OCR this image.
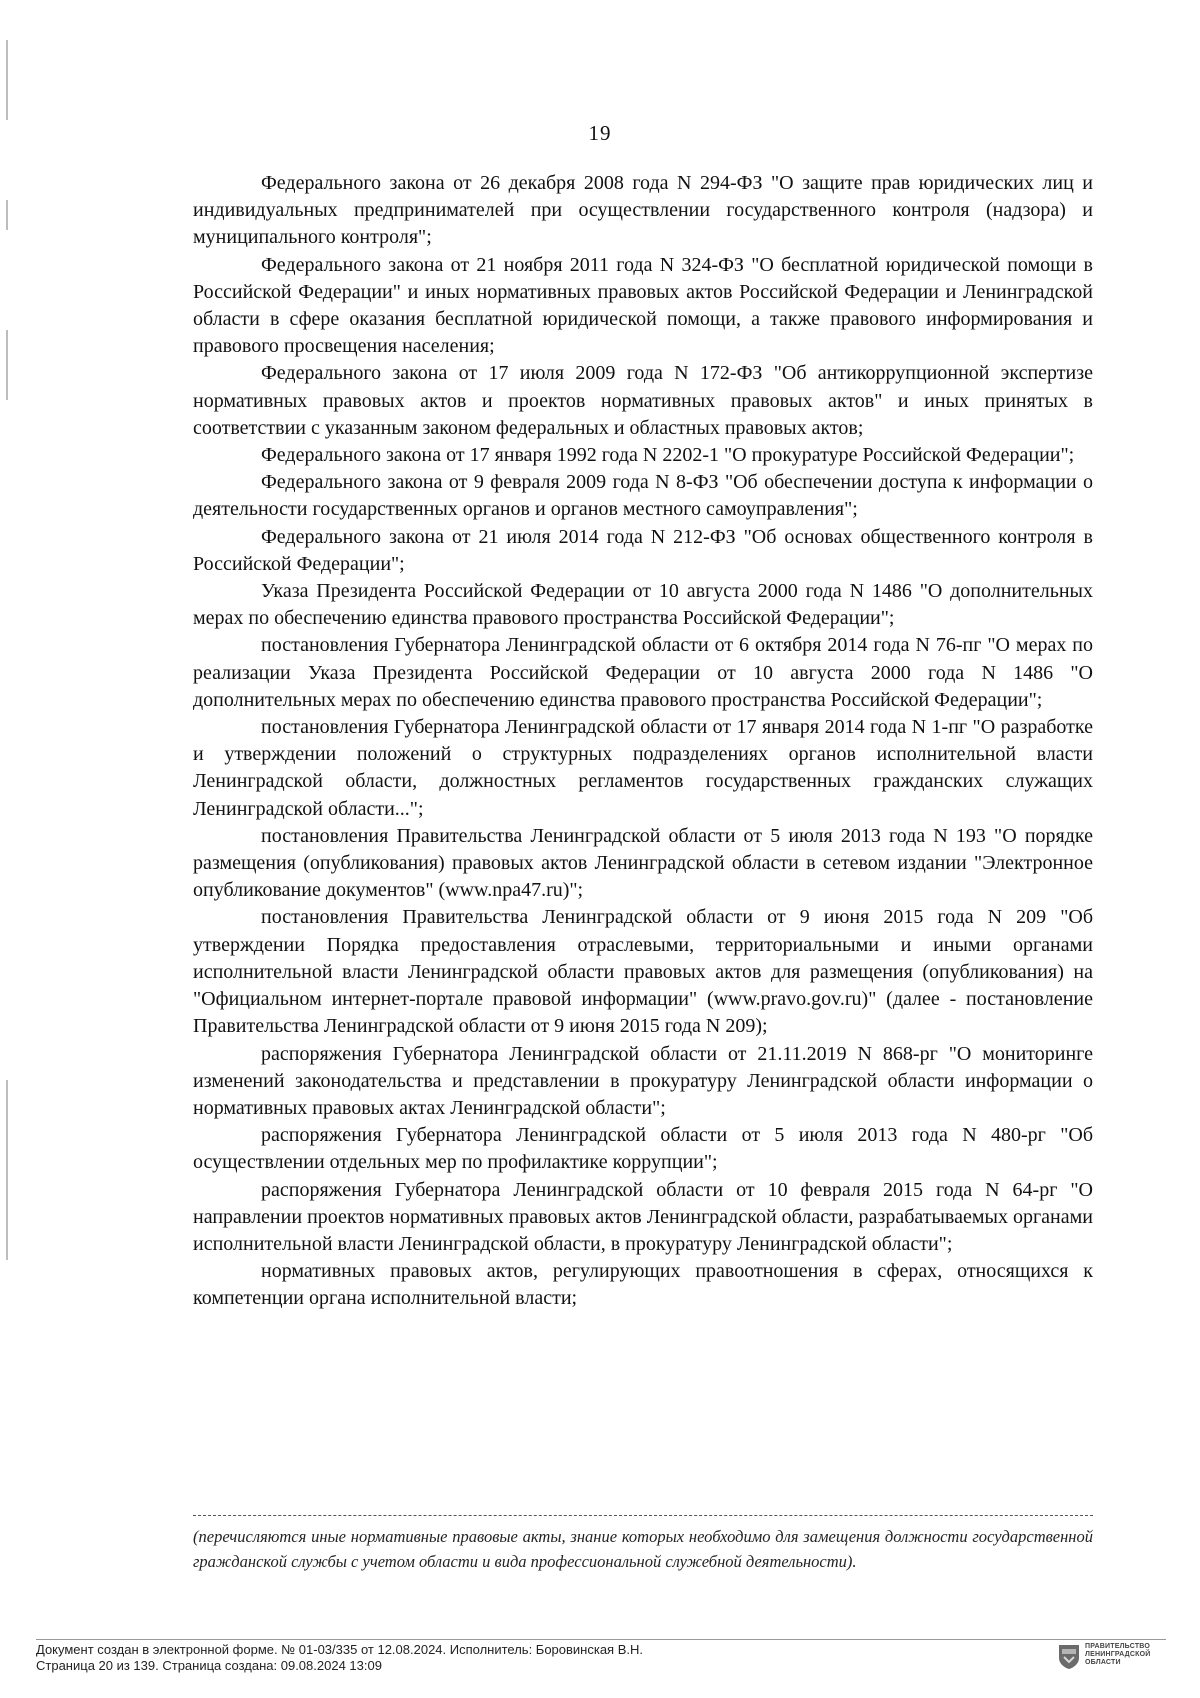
19

Федерального закона от 26 декабря 2008 года N 294-ФЗ "О защите прав юридических лиц и индивидуальных предпринимателей при осуществлении государственного контроля (надзора) и муниципального контроля";

Федерального закона от 21 ноября 2011 года N 324-ФЗ "О бесплатной юридической помощи в Российской Федерации" и иных нормативных правовых актов Российской Федерации и Ленинградской области в сфере оказания бесплатной юридической помощи, а также правового информирования и правового просвещения населения;

Федерального закона от 17 июля 2009 года N 172-ФЗ "Об антикоррупционной экспертизе нормативных правовых актов и проектов нормативных правовых актов" и иных принятых в соответствии с указанным законом федеральных и областных правовых актов;

Федерального закона от 17 января 1992 года N 2202-1 "О прокуратуре Российской Федерации";

Федерального закона от 9 февраля 2009 года N 8-ФЗ "Об обеспечении доступа к информации о деятельности государственных органов и органов местного самоуправления";

Федерального закона от 21 июля 2014 года N 212-ФЗ "Об основах общественного контроля в Российской Федерации";

Указа Президента Российской Федерации от 10 августа 2000 года N 1486 "О дополнительных мерах по обеспечению единства правового пространства Российской Федерации";

постановления Губернатора Ленинградской области от 6 октября 2014 года N 76-пг "О мерах по реализации Указа Президента Российской Федерации от 10 августа 2000 года N 1486 "О дополнительных мерах по обеспечению единства правового пространства Российской Федерации";

постановления Губернатора Ленинградской области от 17 января 2014 года N 1-пг "О разработке и утверждении положений о структурных подразделениях органов исполнительной власти Ленинградской области, должностных регламентов государственных гражданских служащих Ленинградской области...";

постановления Правительства Ленинградской области от 5 июля 2013 года N 193 "О порядке размещения (опубликования) правовых актов Ленинградской области в сетевом издании "Электронное опубликование документов" (www.npa47.ru)";

постановления Правительства Ленинградской области от 9 июня 2015 года N 209 "Об утверждении Порядка предоставления отраслевыми, территориальными и иными органами исполнительной власти Ленинградской области правовых актов для размещения (опубликования) на "Официальном интернет-портале правовой информации" (www.pravo.gov.ru)" (далее - постановление Правительства Ленинградской области от 9 июня 2015 года N 209);

распоряжения Губернатора Ленинградской области от 21.11.2019 N 868-рг "О мониторинге изменений законодательства и представлении в прокуратуру Ленинградской области информации о нормативных правовых актах Ленинградской области";

распоряжения Губернатора Ленинградской области от 5 июля 2013 года N 480-рг "Об осуществлении отдельных мер по профилактике коррупции";

распоряжения Губернатора Ленинградской области от 10 февраля 2015 года N 64-рг "О направлении проектов нормативных правовых актов Ленинградской области, разрабатываемых органами исполнительной власти Ленинградской области, в прокуратуру Ленинградской области";

нормативных правовых актов, регулирующих правоотношения в сферах, относящихся к компетенции органа исполнительной власти;

(перечисляются иные нормативные правовые акты, знание которых необходимо для замещения должности государственной гражданской службы с учетом области и вида профессиональной служебной деятельности).
Документ создан в электронной форме. № 01-03/335 от 12.08.2024. Исполнитель: Боровинская В.Н.
Страница 20 из 139. Страница создана: 09.08.2024 13:09
ПРАВИТЕЛЬСТВО
ЛЕНИНГРАДСКОЙ
ОБЛАСТИ
